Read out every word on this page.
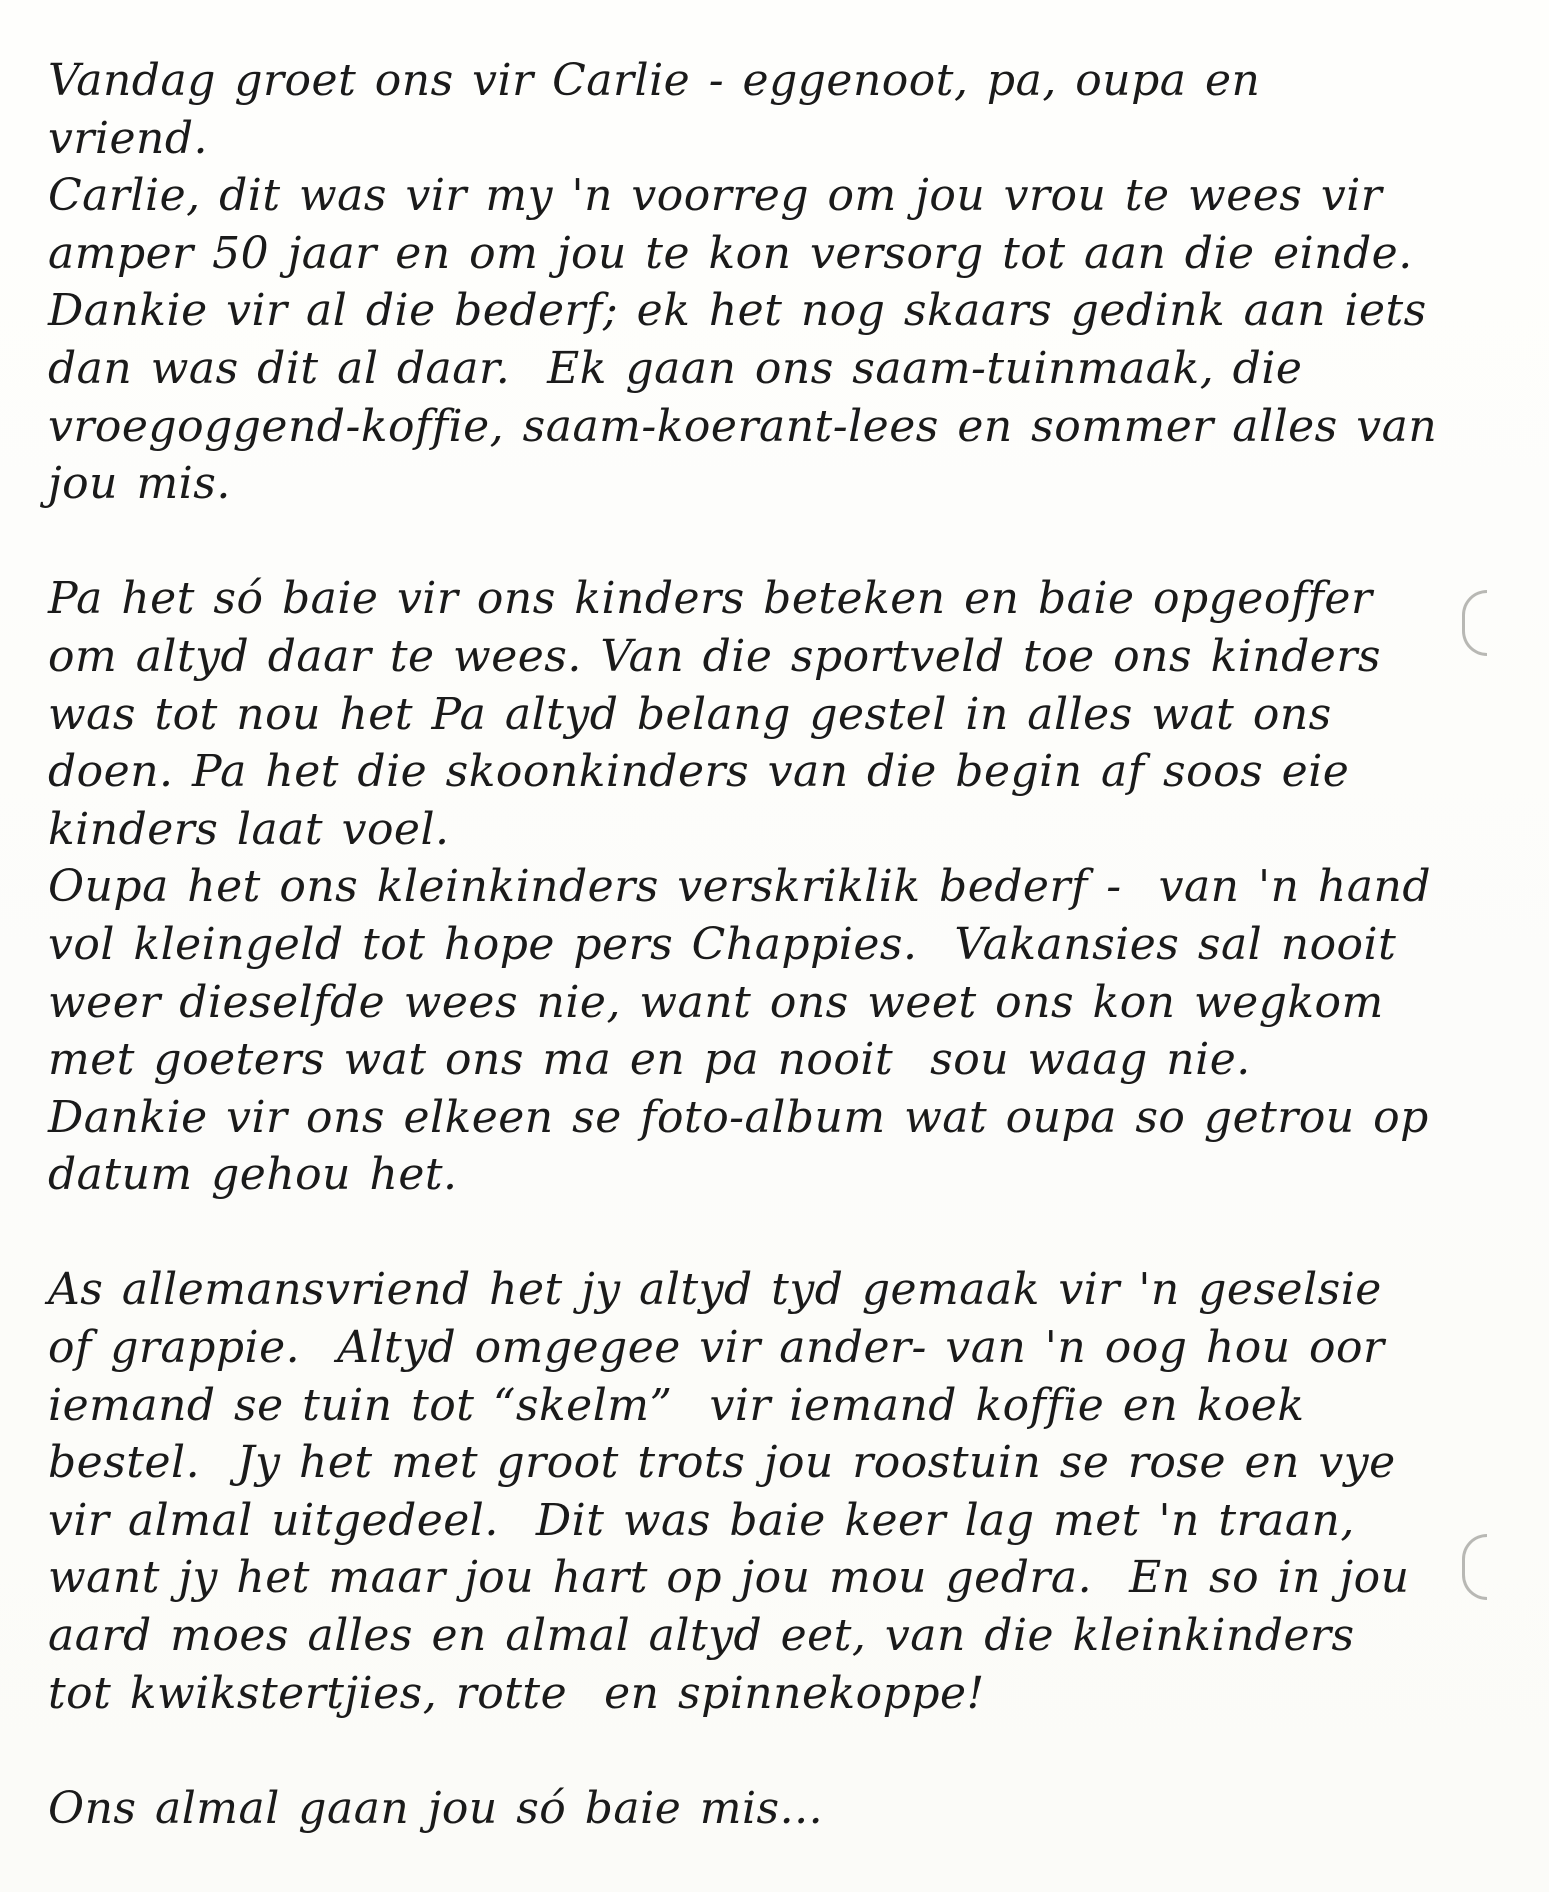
Vandag groet ons vir Carlie - eggenoot, pa, oupa en
vriend.
Carlie, dit was vir my 'n voorreg om jou vrou te wees vir
amper 50 jaar en om jou te kon versorg tot aan die einde.
Dankie vir al die bederf; ek het nog skaars gedink aan iets
dan was dit al daar.  Ek gaan ons saam-tuinmaak, die
vroegoggend-koffie, saam-koerant-lees en sommer alles van
jou mis.
Pa het só baie vir ons kinders beteken en baie opgeoffer
om altyd daar te wees. Van die sportveld toe ons kinders
was tot nou het Pa altyd belang gestel in alles wat ons
doen. Pa het die skoonkinders van die begin af soos eie
kinders laat voel.
Oupa het ons kleinkinders verskriklik bederf -  van 'n hand
vol kleingeld tot hope pers Chappies.  Vakansies sal nooit
weer dieselfde wees nie, want ons weet ons kon wegkom
met goeters wat ons ma en pa nooit  sou waag nie.
Dankie vir ons elkeen se foto-album wat oupa so getrou op
datum gehou het.
As allemansvriend het jy altyd tyd gemaak vir 'n geselsie
of grappie.  Altyd omgegee vir ander- van 'n oog hou oor
iemand se tuin tot “skelm”  vir iemand koffie en koek
bestel.  Jy het met groot trots jou roostuin se rose en vye
vir almal uitgedeel.  Dit was baie keer lag met 'n traan,
want jy het maar jou hart op jou mou gedra.  En so in jou
aard moes alles en almal altyd eet, van die kleinkinders
tot kwikstertjies, rotte  en spinnekoppe!
Ons almal gaan jou só baie mis...
